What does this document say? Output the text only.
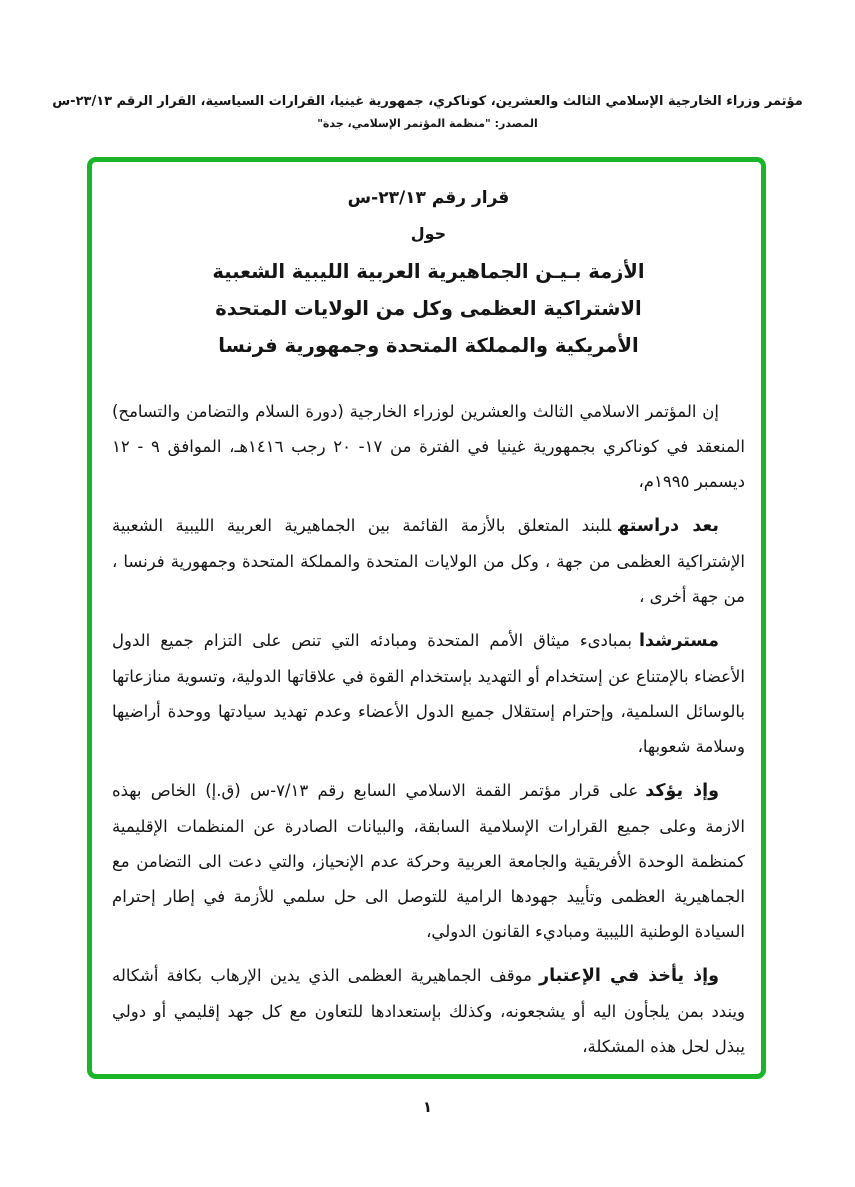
مؤتمر وزراء الخارجية الإسلامي الثالث والعشرين، كوناكري، جمهورية غينيا، القرارات السياسية، القرار الرقم ٢٣/١٣-س
المصدر: "منظمة المؤتمر الإسلامي، جدة"
قرار رقم ٢٣/١٣-س
حول
الأزمة بـيـن الجماهيرية العربية الليبية الشعبية
الاشتراكية العظمى وكل من الولايات المتحدة
الأمريكية والمملكة المتحدة وجمهورية فرنسا

إن المؤتمر الاسلامي الثالث والعشرين لوزراء الخارجية (دورة السلام والتضامن والتسامح) المنعقد في كوناكري بجمهورية غينيا في الفترة من ١٧- ٢٠ رجب ١٤١٦هـ، الموافق ٩ - ١٢ ديسمبر ١٩٩٥م،

بعد دراستهللبند المتعلق بالأزمة القائمة بين الجماهيرية العربية الليبية الشعبية الإشتراكية العظمى من جهة ، وكل من الولايات المتحدة والمملكة المتحدة وجمهورية فرنسا ، من جهة أخرى ،

مسترشدابمبادىء ميثاق الأمم المتحدة ومبادئه التي تنص على التزام جميع الدول الأعضاء بالإمتناع عن إستخدام أو التهديد بإستخدام القوة في علاقاتها الدولية، وتسوية منازعاتها بالوسائل السلمية، وإحترام إستقلال جميع الدول الأعضاء وعدم تهديد سيادتها ووحدة أراضيها وسلامة شعوبها،

وإذ يؤكدعلى قرار مؤتمر القمة الاسلامي السابع رقم ٧/١٣-س (ق.إ) الخاص بهذه الازمة وعلى جميع القرارات الإسلامية السابقة، والبيانات الصادرة عن المنظمات الإقليمية كمنظمة الوحدة الأفريقية والجامعة العربية وحركة عدم الإنحياز، والتي دعت الى التضامن مع الجماهيرية العظمى وتأييد جهودها الرامية للتوصل الى حل سلمي للأزمة في إطار إحترام السيادة الوطنية الليبية ومباديء القانون الدولي،

وإذ يأخذ في الإعتبارموقف الجماهيرية العظمى الذي يدين الإرهاب بكافة أشكاله ويندد بمن يلجأون اليه أو يشجعونه، وكذلك بإستعدادها للتعاون مع كل جهد إقليمي أو دولي يبذل لحل هذه المشكلة،

١
